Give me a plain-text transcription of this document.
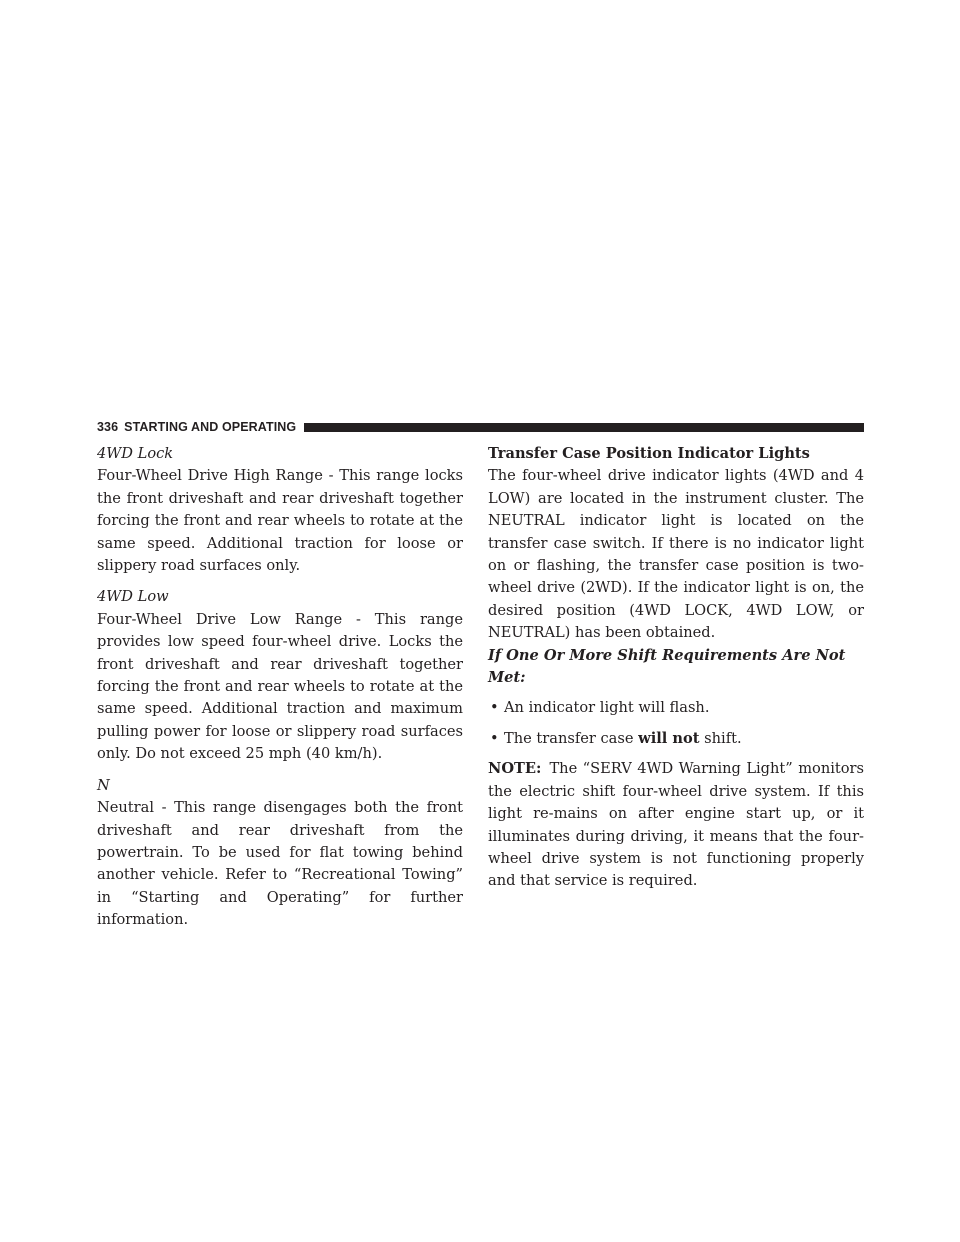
336 STARTING AND OPERATING

4WD Lock

Four-Wheel Drive High Range - This range locks the front driveshaft and rear driveshaft together forcing the front and rear wheels to rotate at the same speed. Additional traction for loose or slippery road surfaces only.

4WD Low

Four-Wheel Drive Low Range - This range provides low speed four-wheel drive. Locks the front driveshaft and rear driveshaft together forcing the front and rear wheels to rotate at the same speed. Additional traction and maximum pulling power for loose or slippery road surfaces only. Do not exceed 25 mph (40 km/h).

N

Neutral - This range disengages both the front driveshaft and rear driveshaft from the powertrain. To be used for flat towing behind another vehicle. Refer to “Recreational Towing” in “Starting and Operating” for further information.

Transfer Case Position Indicator Lights

The four-wheel drive indicator lights (4WD and 4 LOW) are located in the instrument cluster. The NEUTRAL indicator light is located on the transfer case switch. If there is no indicator light on or flashing, the transfer case position is two-wheel drive (2WD). If the indicator light is on, the desired position (4WD LOCK, 4WD LOW, or NEUTRAL) has been obtained.

If One Or More Shift Requirements Are Not Met:

• An indicator light will flash.
• The transfer case will not shift.

NOTE: The “SERV 4WD Warning Light” monitors the electric shift four-wheel drive system. If this light re-mains on after engine start up, or it illuminates during driving, it means that the four-wheel drive system is not functioning properly and that service is required.
